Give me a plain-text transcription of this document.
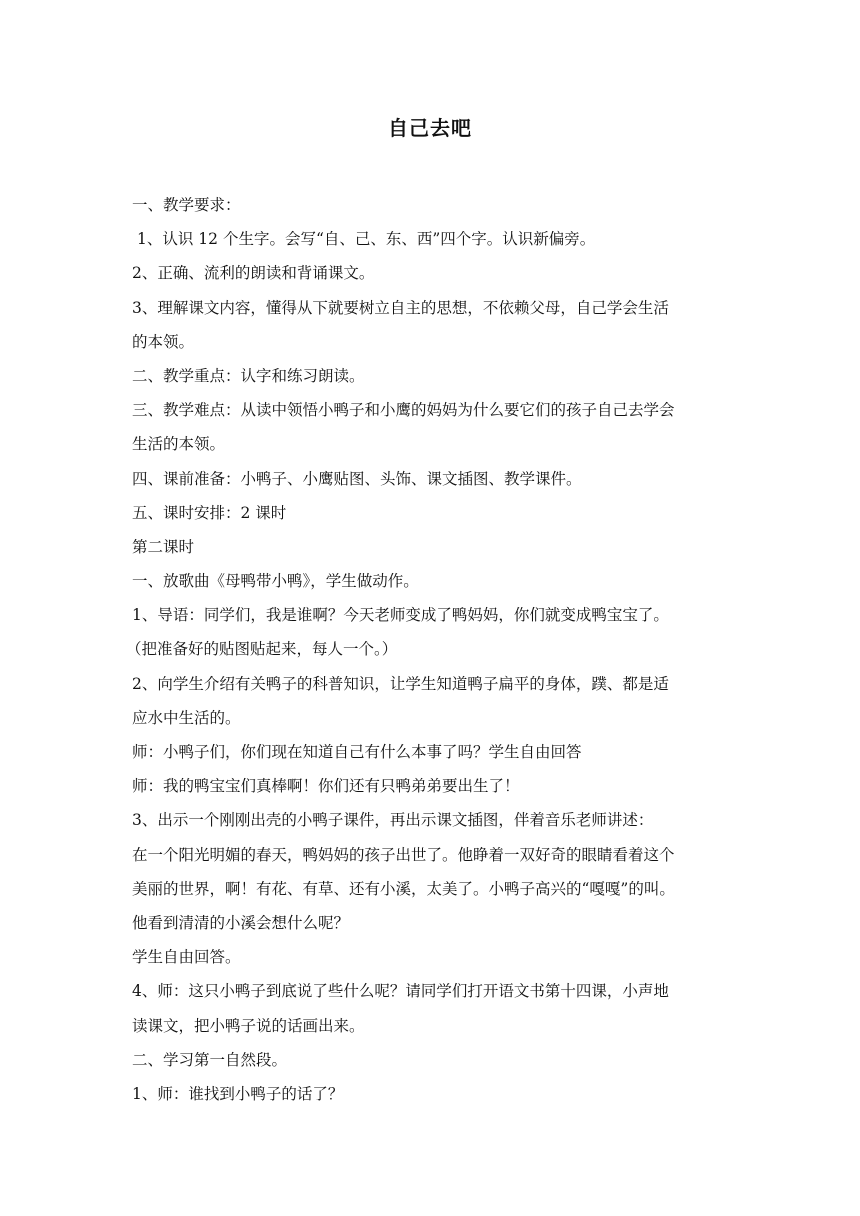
自己去吧
一、教学要求：
1、认识 12 个生字。会写“自、己、东、西”四个字。认识新偏旁。
2、正确、流利的朗读和背诵课文。
3、理解课文内容，懂得从下就要树立自主的思想，不依赖父母，自己学会生活
的本领。
二、教学重点：认字和练习朗读。
三、教学难点：从读中领悟小鸭子和小鹰的妈妈为什么要它们的孩子自己去学会
生活的本领。
四、课前准备：小鸭子、小鹰贴图、头饰、课文插图、教学课件。
五、课时安排：2 课时
第二课时
一、放歌曲《母鸭带小鸭》，学生做动作。
1、导语：同学们，我是谁啊？今天老师变成了鸭妈妈，你们就变成鸭宝宝了。
（把准备好的贴图贴起来，每人一个。）
2、向学生介绍有关鸭子的科普知识，让学生知道鸭子扁平的身体，蹼、都是适
应水中生活的。
师：小鸭子们，你们现在知道自己有什么本事了吗？学生自由回答
师：我的鸭宝宝们真棒啊！你们还有只鸭弟弟要出生了！
3、出示一个刚刚出壳的小鸭子课件，再出示课文插图，伴着音乐老师讲述：
在一个阳光明媚的春天，鸭妈妈的孩子出世了。他睁着一双好奇的眼睛看着这个
美丽的世界，啊！有花、有草、还有小溪，太美了。小鸭子高兴的“嘎嘎”的叫。
他看到清清的小溪会想什么呢？
学生自由回答。
4、师：这只小鸭子到底说了些什么呢？请同学们打开语文书第十四课，小声地
读课文，把小鸭子说的话画出来。
二、学习第一自然段。
1、师：谁找到小鸭子的话了？
